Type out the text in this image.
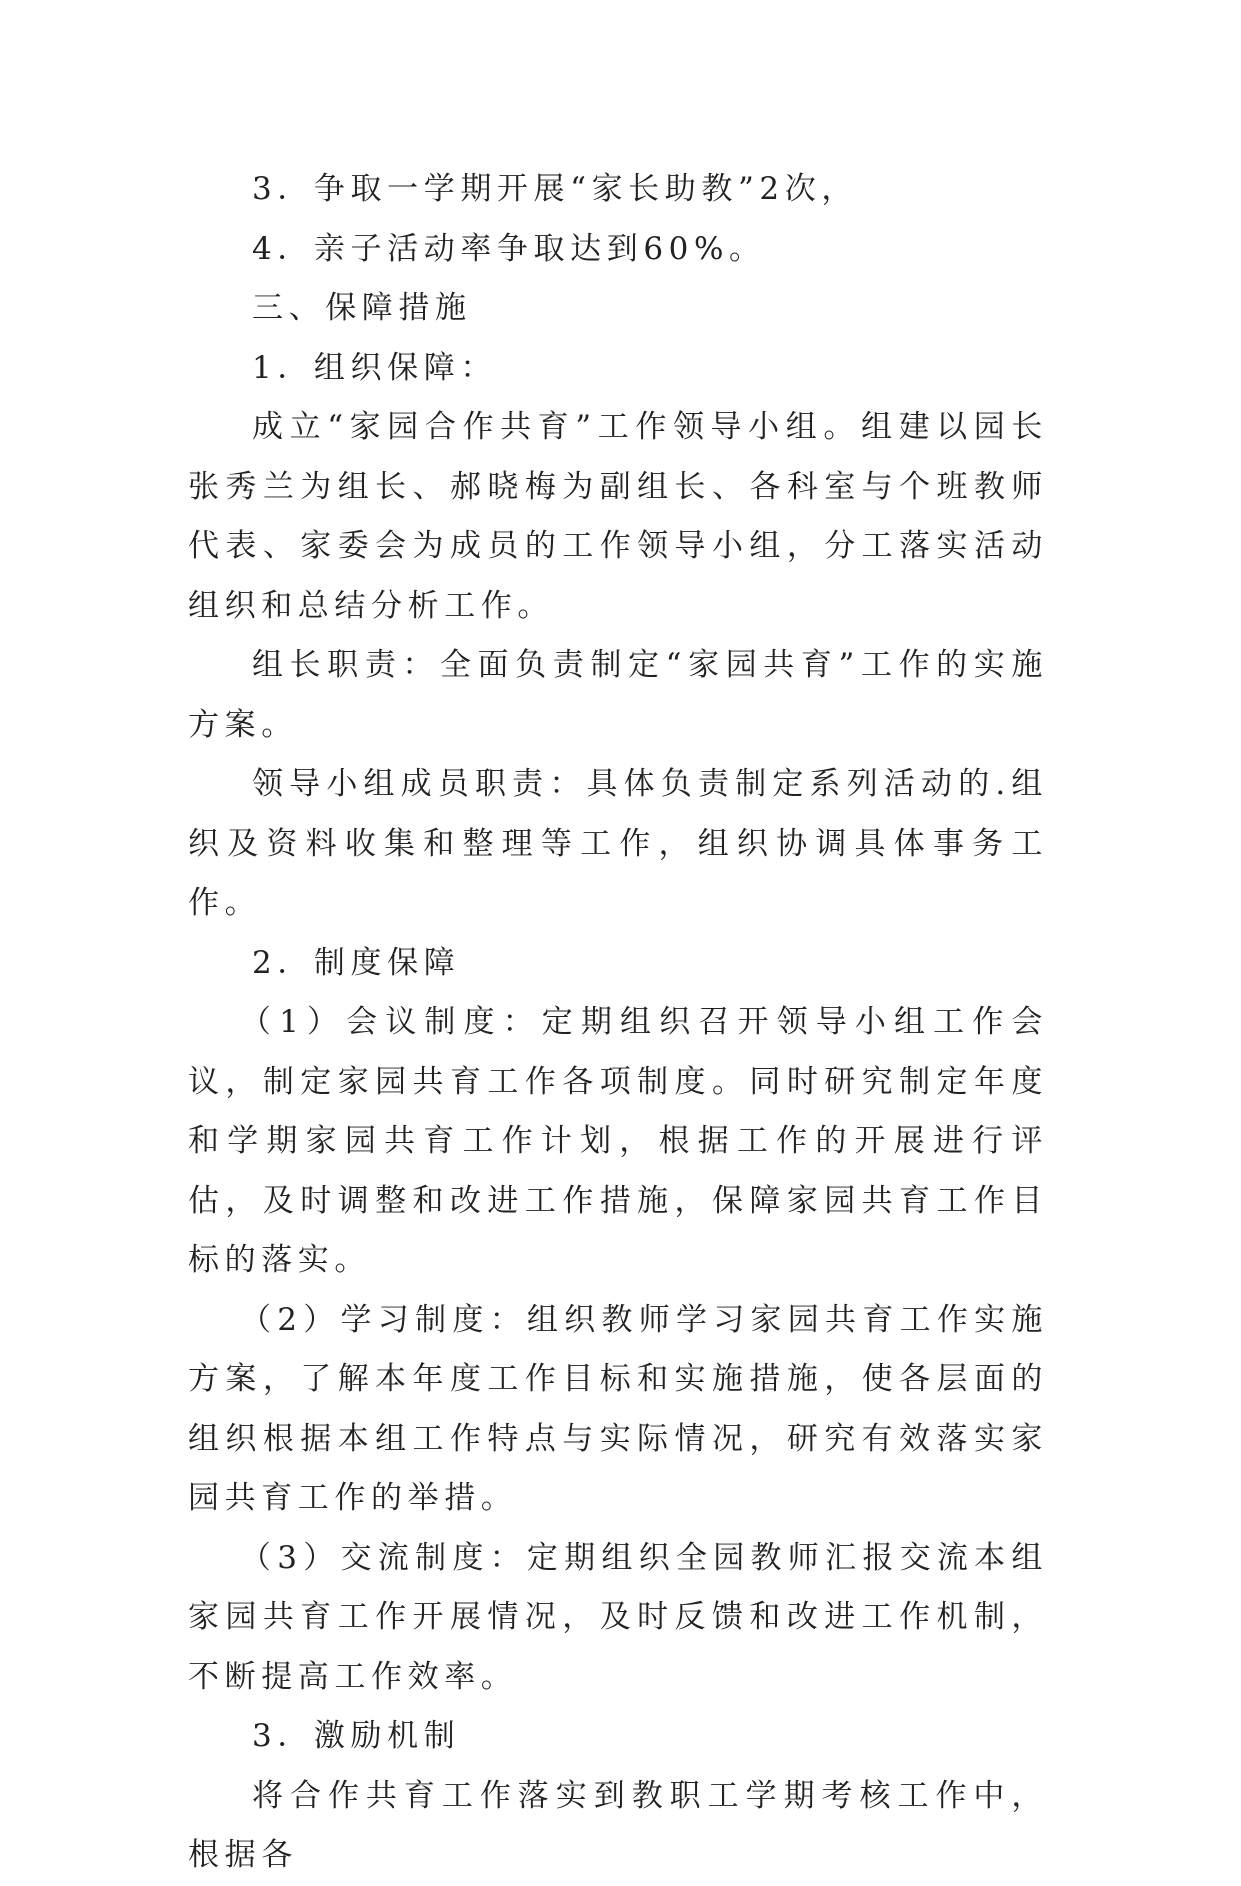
3．争取一学期开展“家长助教”2次，

4．亲子活动率争取达到60%。

三、保障措施

1．组织保障：

成立“家园合作共育”工作领导小组。组建以园长张秀兰为组长、郝晓梅为副组长、各科室与个班教师代表、家委会为成员的工作领导小组，分工落实活动组织和总结分析工作。

组长职责：全面负责制定“家园共育”工作的实施方案。

领导小组成员职责：具体负责制定系列活动的.组织及资料收集和整理等工作，组织协调具体事务工作。

2．制度保障

（1）会议制度：定期组织召开领导小组工作会议，制定家园共育工作各项制度。同时研究制定年度和学期家园共育工作计划，根据工作的开展进行评估，及时调整和改进工作措施，保障家园共育工作目标的落实。

（2）学习制度：组织教师学习家园共育工作实施方案，了解本年度工作目标和实施措施，使各层面的组织根据本组工作特点与实际情况，研究有效落实家园共育工作的举措。

（3）交流制度：定期组织全园教师汇报交流本组家园共育工作开展情况，及时反馈和改进工作机制，不断提高工作效率。

3．激励机制

将合作共育工作落实到教职工学期考核工作中，根据各
